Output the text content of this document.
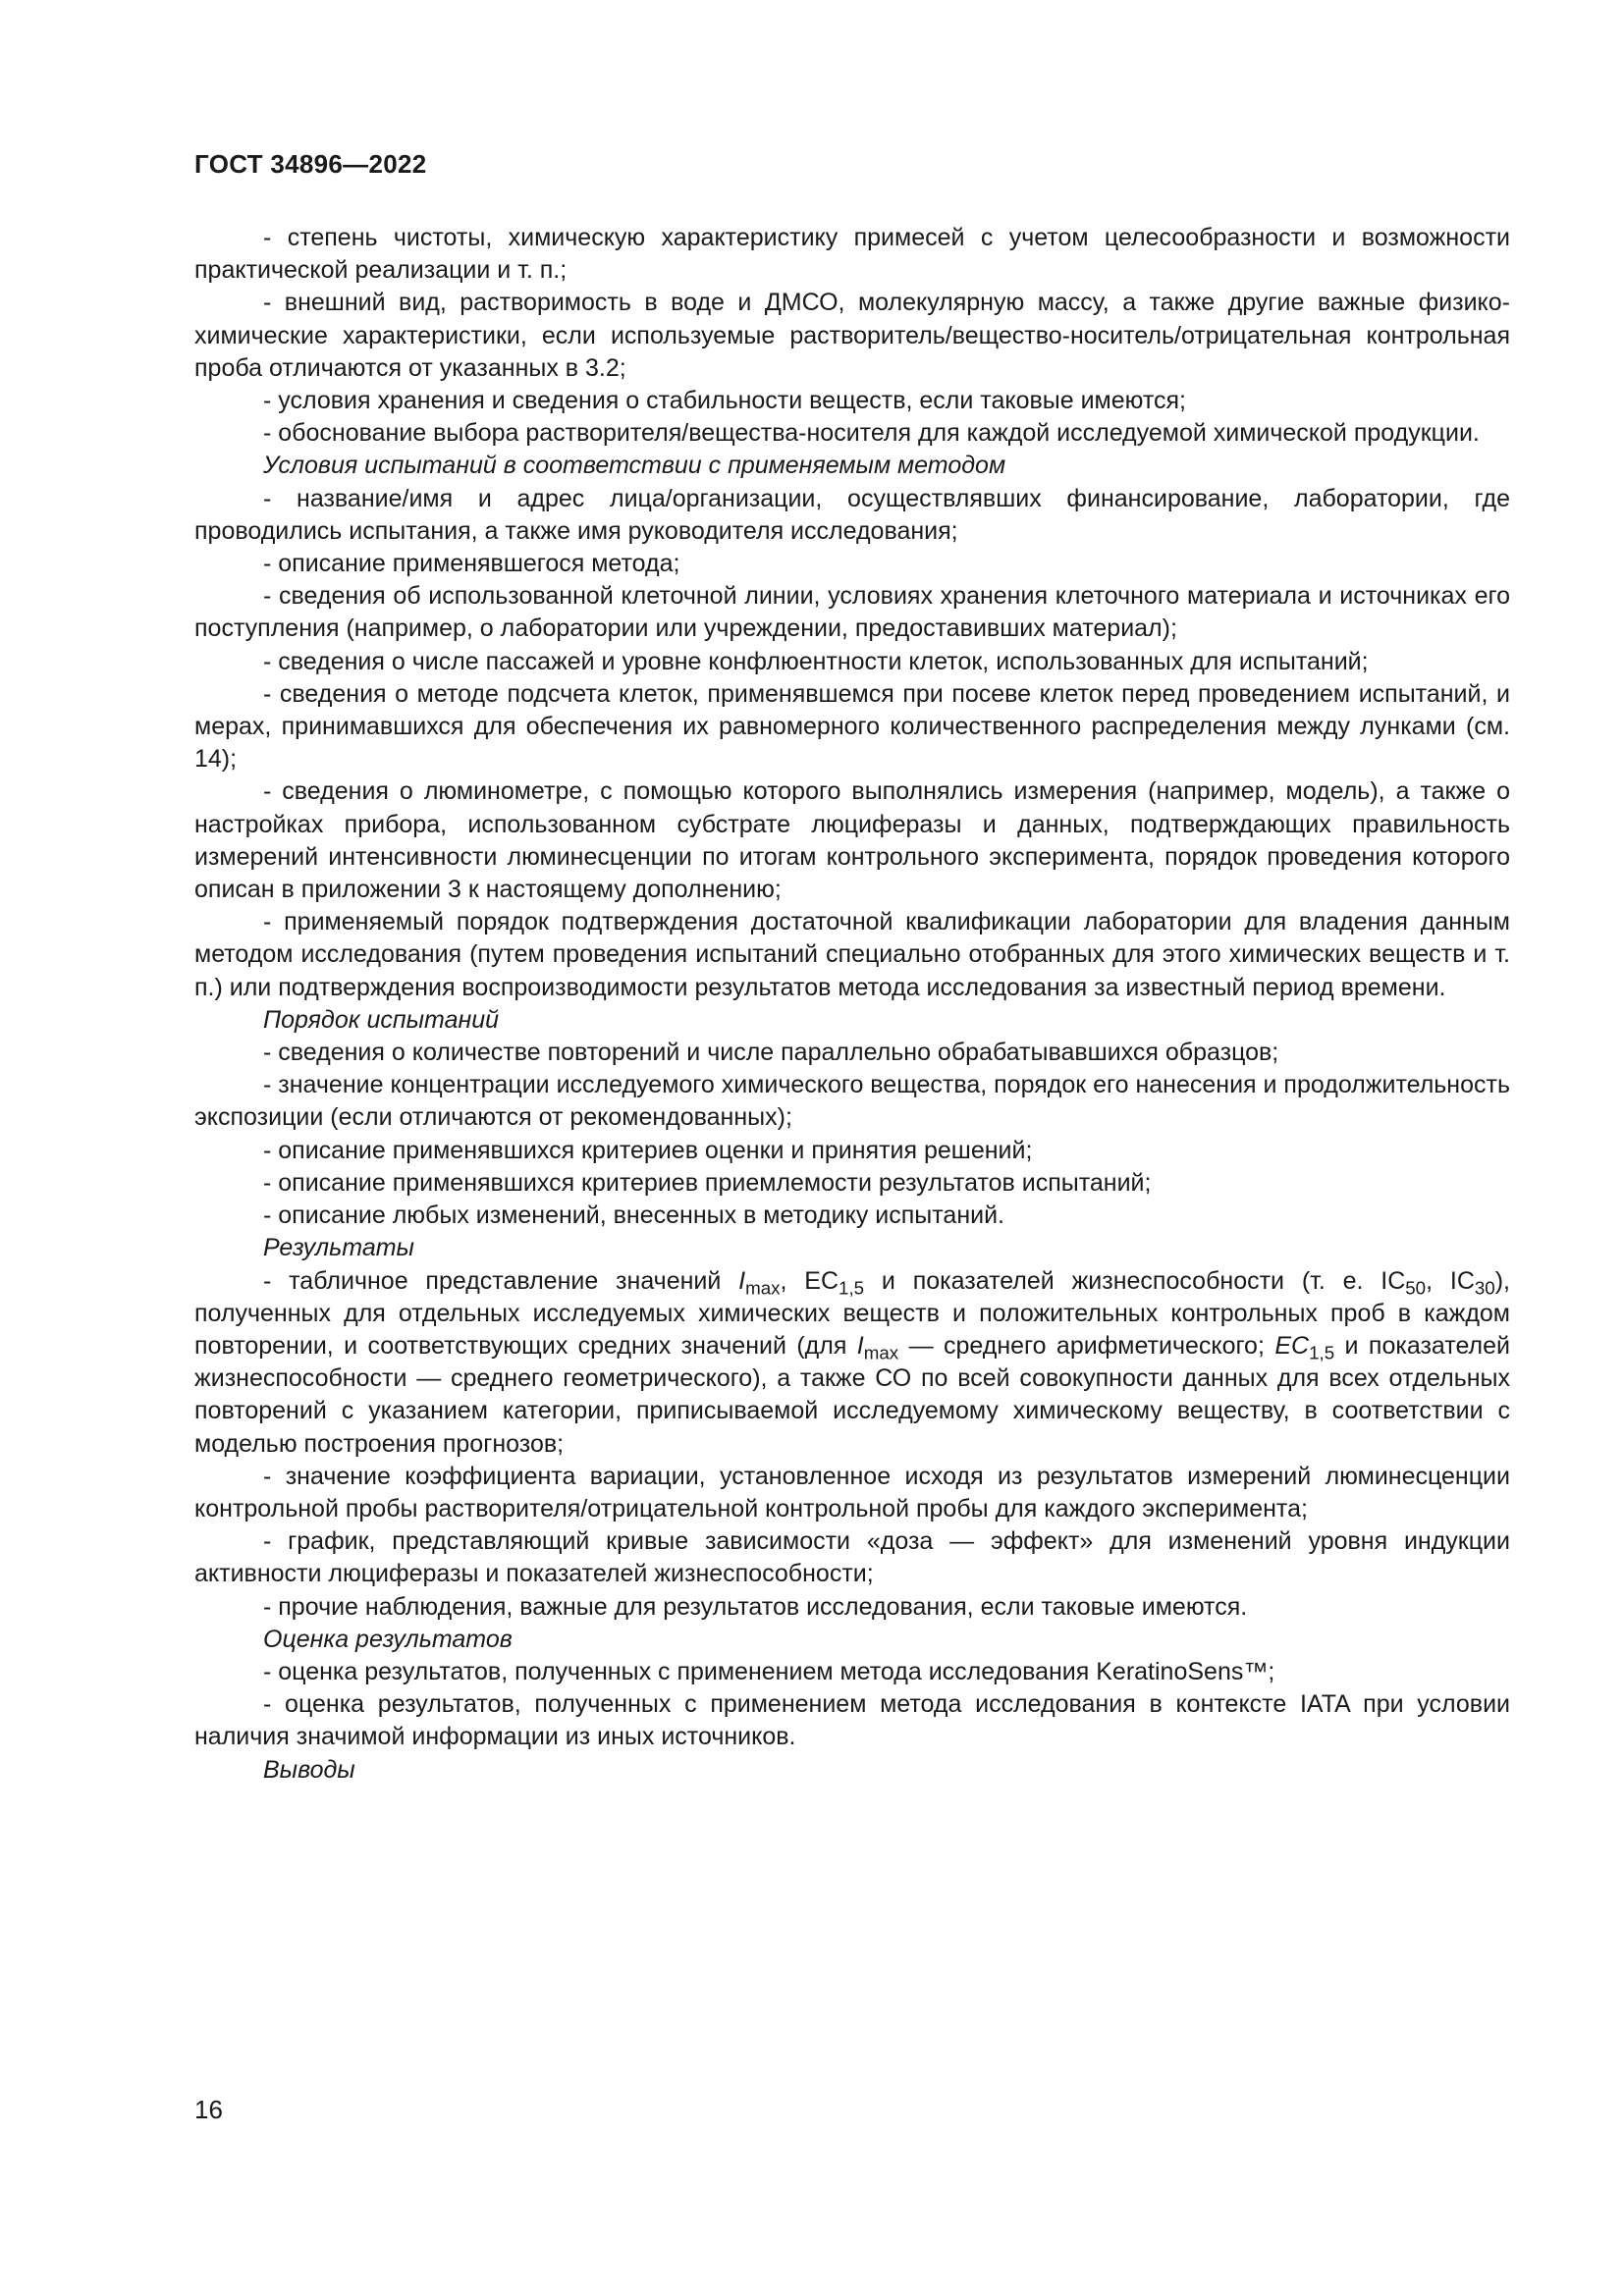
ГОСТ 34896—2022

- степень чистоты, химическую характеристику примесей с учетом целесообразности и возможности практической реализации и т. п.;

- внешний вид, растворимость в воде и ДМСО, молекулярную массу, а также другие важные физико-химические характеристики, если используемые растворитель/вещество-носитель/отрицательная контрольная проба отличаются от указанных в 3.2;

- условия хранения и сведения о стабильности веществ, если таковые имеются;

- обоснование выбора растворителя/вещества-носителя для каждой исследуемой химической продукции.

Условия испытаний в соответствии с применяемым методом

- название/имя и адрес лица/организации, осуществлявших финансирование, лаборатории, где проводились испытания, а также имя руководителя исследования;

- описание применявшегося метода;

- сведения об использованной клеточной линии, условиях хранения клеточного материала и источниках его поступления (например, о лаборатории или учреждении, предоставивших материал);

- сведения о числе пассажей и уровне конфлюентности клеток, использованных для испытаний;

- сведения о методе подсчета клеток, применявшемся при посеве клеток перед проведением испытаний, и мерах, принимавшихся для обеспечения их равномерного количественного распределения между лунками (см. 14);

- сведения о люминометре, с помощью которого выполнялись измерения (например, модель), а также о настройках прибора, использованном субстрате люциферазы и данных, подтверждающих правильность измерений интенсивности люминесценции по итогам контрольного эксперимента, порядок проведения которого описан в приложении 3 к настоящему дополнению;

- применяемый порядок подтверждения достаточной квалификации лаборатории для владения данным методом исследования (путем проведения испытаний специально отобранных для этого химических веществ и т. п.) или подтверждения воспроизводимости результатов метода исследования за известный период времени.

Порядок испытаний

- сведения о количестве повторений и числе параллельно обрабатывавшихся образцов;

- значение концентрации исследуемого химического вещества, порядок его нанесения и продолжительность экспозиции (если отличаются от рекомендованных);

- описание применявшихся критериев оценки и принятия решений;

- описание применявшихся критериев приемлемости результатов испытаний;

- описание любых изменений, внесенных в методику испытаний.

Результаты

- табличное представление значений $I_{max}$, $EC_{1,5}$ и показателей жизнеспособности (т. е. $IC_{50}$, $IC_{30}$), полученных для отдельных исследуемых химических веществ и положительных контрольных проб в каждом повторении, и соответствующих средних значений (для $I_{max}$ — среднего арифметического; $EC_{1,5}$ и показателей жизнеспособности — среднего геометрического), а также СО по всей совокупности данных для всех отдельных повторений с указанием категории, приписываемой исследуемому химическому веществу, в соответствии с моделью построения прогнозов;

- значение коэффициента вариации, установленное исходя из результатов измерений люминесценции контрольной пробы растворителя/отрицательной контрольной пробы для каждого эксперимента;

- график, представляющий кривые зависимости «доза — эффект» для изменений уровня индукции активности люциферазы и показателей жизнеспособности;

- прочие наблюдения, важные для результатов исследования, если таковые имеются.

Оценка результатов

- оценка результатов, полученных с применением метода исследования KeratinoSens™;

- оценка результатов, полученных с применением метода исследования в контексте IATA при условии наличия значимой информации из иных источников.

Выводы

16
